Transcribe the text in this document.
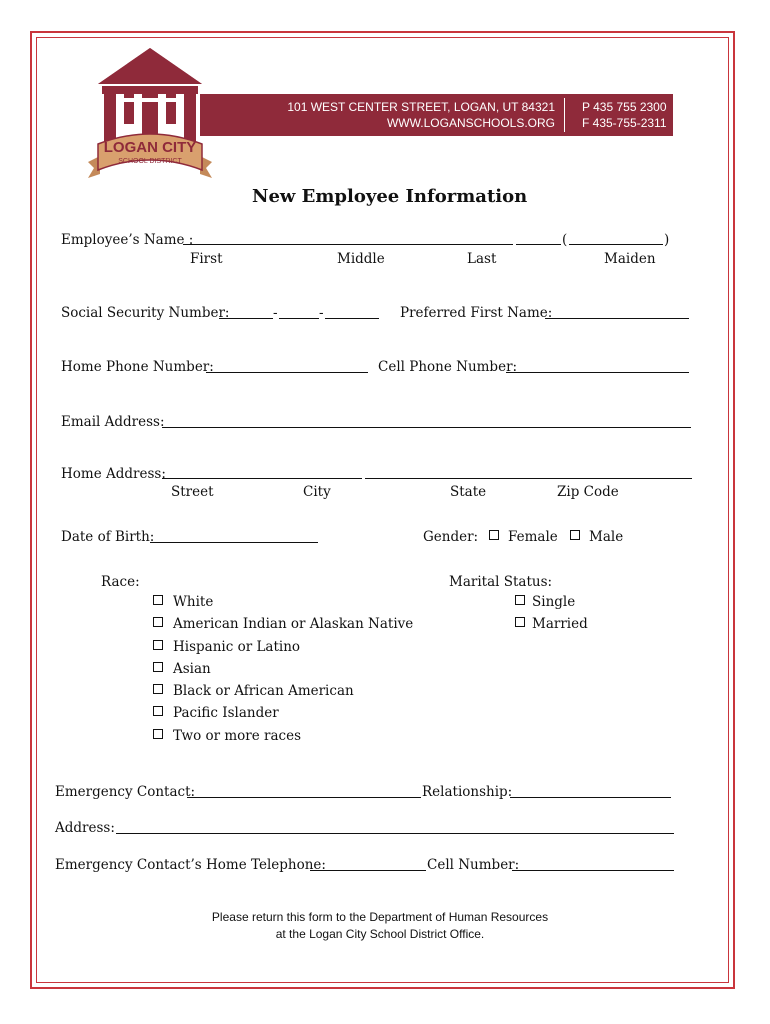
LOGAN CITY
SCHOOL DISTRICT
101 WEST CENTER STREET, LOGAN, UT 84321
WWW.LOGANSCHOOLS.ORG
P 435 755 2300
F 435-755-2311
New Employee Information
Employee’s Name :	(	)
First	Middle	Last	Maiden
Social Security Number:	-	-	Preferred First Name:
Home Phone Number:	Cell Phone Number:
Email Address:
Home Address:
Street	City	State	Zip Code
Date of Birth:	Gender: Female Male
Race:
White
American Indian or Alaskan Native
Hispanic or Latino
Asian
Black or African American
Pacific Islander
Two or more races
Marital Status:
Single
Married
Emergency Contact:	Relationship:
Address:
Emergency Contact’s Home Telephone:	Cell Number:
Please return this form to the Department of Human Resources
at the Logan City School District Office.
